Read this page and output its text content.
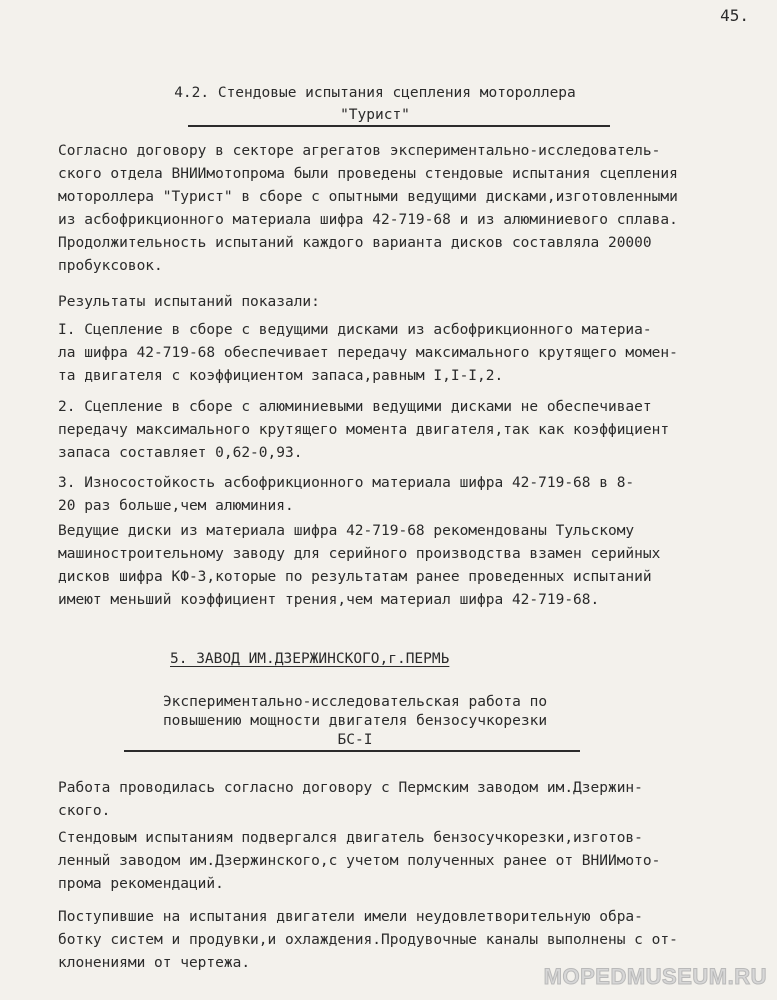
45.
4.2. Стендовые испытания сцепления мотороллера
"Турист"

Согласно договору в секторе агрегатов экспериментально-исследователь-
ского отдела ВНИИмотопрома были проведены стендовые испытания сцепления
мотороллера "Турист" в сборе с опытными ведущими дисками,изготовленными
из асбофрикционного материала шифра 42-719-68 и из алюминиевого сплава.
Продолжительность испытаний каждого варианта дисков составляла 20000
пробуксовок.

Результаты испытаний показали:

I. Сцепление в сборе с ведущими дисками из асбофрикционного материа-
ла шифра 42-719-68 обеспечивает передачу максимального крутящего момен-
та двигателя с коэффициентом запаса,равным I,I-I,2.

2. Сцепление в сборе с алюминиевыми ведущими дисками не обеспечивает
передачу максимального крутящего момента двигателя,так как коэффициент
запаса составляет 0,62-0,93.

3. Износостойкость асбофрикционного материала шифра 42-719-68 в 8-
20 раз больше,чем алюминия.

Ведущие диски из материала шифра 42-719-68 рекомендованы Тульскому
машиностроительному заводу для серийного производства взамен серийных
дисков шифра КФ-3,которые по результатам ранее проведенных испытаний
имеют меньший коэффициент трения,чем материал шифра 42-719-68.

5. ЗАВОД ИМ.ДЗЕРЖИНСКОГО,г.ПЕРМЬ
Экспериментально-исследовательская работа по
повышению мощности двигателя бензосучкорезки
БС-I

Работа проводилась согласно договору с Пермским заводом им.Дзержин-
ского.

Стендовым испытаниям подвергался двигатель бензосучкорезки,изготов-
ленный заводом им.Дзержинского,с учетом полученных ранее от ВНИИмото-
прома рекомендаций.

Поступившие на испытания двигатели имели неудовлетворительную обра-
ботку систем и продувки,и охлаждения.Продувочные каналы выполнены с от-
клонениями от чертежа.

MOPEDMUSEUM.RU
